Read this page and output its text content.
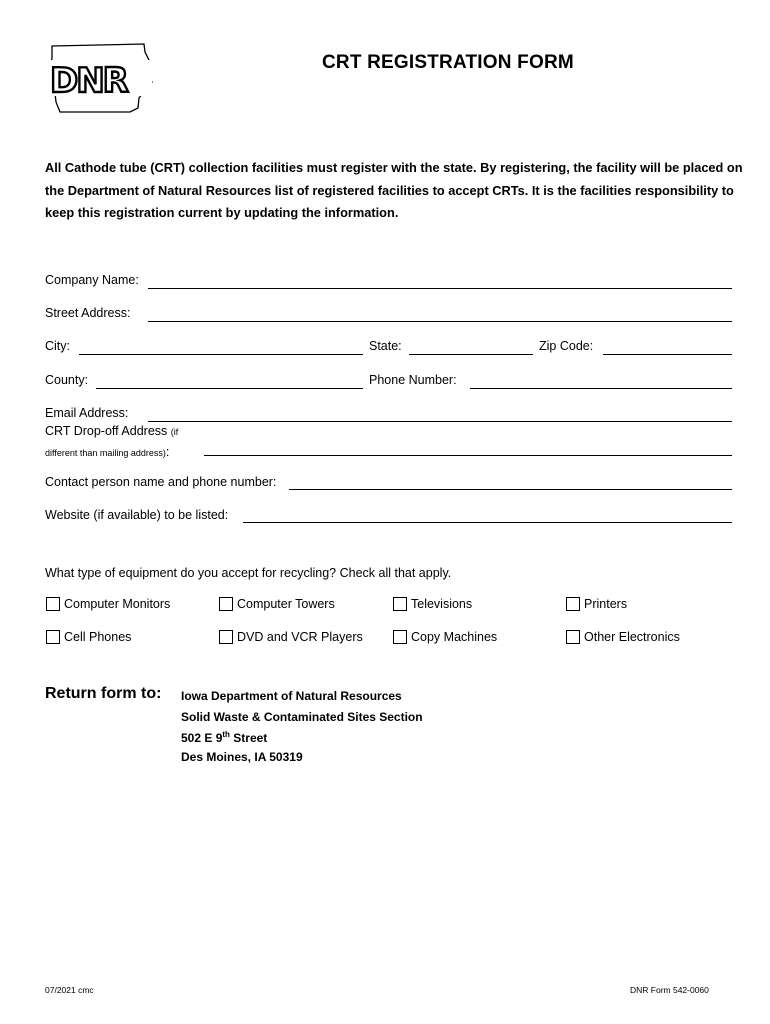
DNR	CRT REGISTRATION FORM
All Cathode tube (CRT) collection facilities must register with the state. By registering, the facility will be placed on the Department of Natural Resources list of registered facilities to accept CRTs. It is the facilities responsibility to keep this registration current by updating the information.
Company Name:
Street Address:
City:	State:	Zip Code:
County:	Phone Number:
Email Address:
CRT Drop-off Address (if
different than mailing address):
Contact person name and phone number:
Website (if available) to be listed:
What type of equipment do you accept for recycling? Check all that apply.
Computer Monitors	Computer Towers	Televisions	Printers
Cell Phones	DVD and VCR Players	Copy Machines	Other Electronics
Return form to: Iowa Department of Natural Resources
Solid Waste & Contaminated Sites Section
502 E 9th Street
Des Moines, IA 50319
07/2021 cmc	DNR Form 542-0060
